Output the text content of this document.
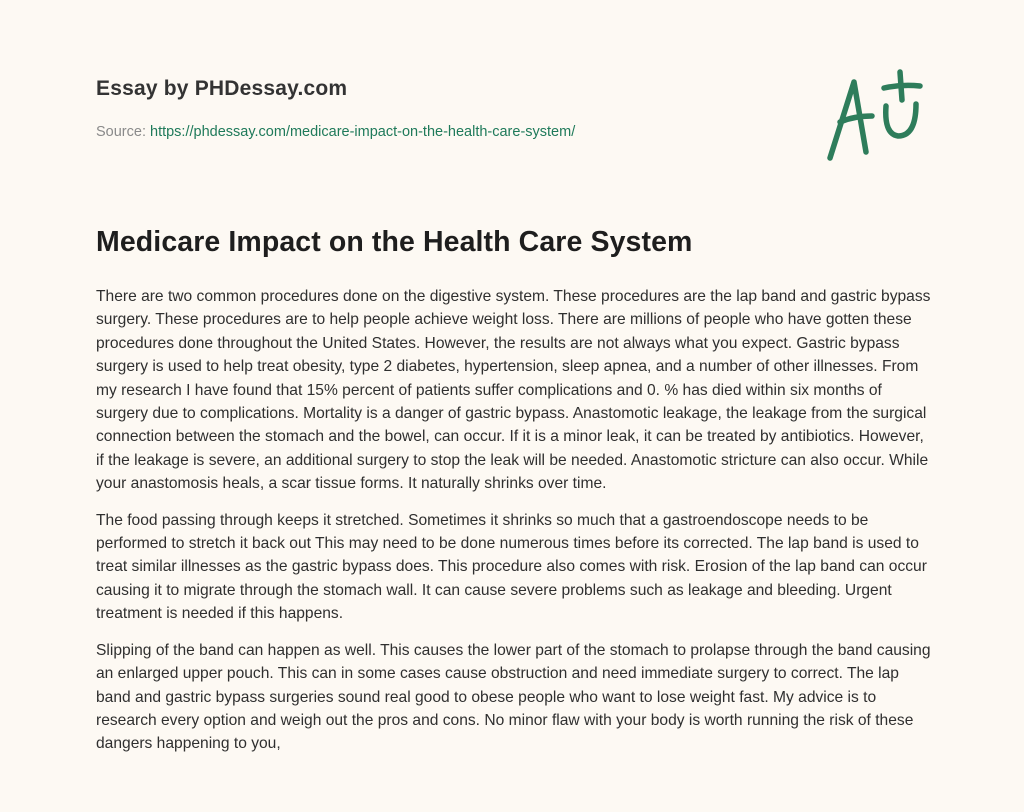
Essay by PHDessay.com
Source: https://phdessay.com/medicare-impact-on-the-health-care-system/
Medicare Impact on the Health Care System

There are two common procedures done on the digestive system. These procedures are the lap band and gastric bypass surgery. These procedures are to help people achieve weight loss. There are millions of people who have gotten these procedures done throughout the United States. However, the results are not always what you expect. Gastric bypass surgery is used to help treat obesity, type 2 diabetes, hypertension, sleep apnea, and a number of other illnesses. From my research I have found that 15% percent of patients suffer complications and 0. % has died within six months of surgery due to complications. Mortality is a danger of gastric bypass. Anastomotic leakage, the leakage from the surgical connection between the stomach and the bowel, can occur. If it is a minor leak, it can be treated by antibiotics. However, if the leakage is severe, an additional surgery to stop the leak will be needed. Anastomotic stricture can also occur. While your anastomosis heals, a scar tissue forms. It naturally shrinks over time.

The food passing through keeps it stretched. Sometimes it shrinks so much that a gastroendoscope needs to be performed to stretch it back out This may need to be done numerous times before its corrected. The lap band is used to treat similar illnesses as the gastric bypass does. This procedure also comes with risk. Erosion of the lap band can occur causing it to migrate through the stomach wall. It can cause severe problems such as leakage and bleeding. Urgent treatment is needed if this happens.

Slipping of the band can happen as well. This causes the lower part of the stomach to prolapse through the band causing an enlarged upper pouch. This can in some cases cause obstruction and need immediate surgery to correct. The lap band and gastric bypass surgeries sound real good to obese people who want to lose weight fast. My advice is to research every option and weigh out the pros and cons. No minor flaw with your body is worth running the risk of these dangers happening to you,
